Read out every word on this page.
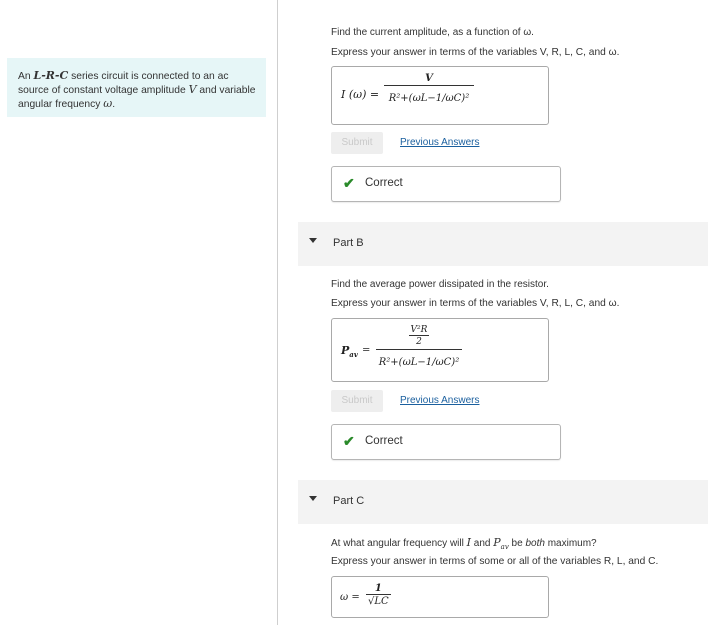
An L-R-C series circuit is connected to an ac source of constant voltage amplitude V and variable angular frequency ω.
Find the current amplitude, as a function of ω.
Express your answer in terms of the variables V, R, L, C, and ω.
I (ω) =
V
R²+(ωL−1/ωC)²
Submit	Previous Answers
✔ Correct
Part B
Find the average power dissipated in the resistor.
Express your answer in terms of the variables V, R, L, C, and ω.
$P_{av}$ =
$\frac{\text{V²R}}{2}$
R²+(ωL−1/ωC)²
Submit	Previous Answers
✔ Correct
Part C
At what angular frequency will I and $P_{av}$ be both maximum?
Express your answer in terms of some or all of the variables R, L, and C.
$\omega = \frac{1}{√LC}$
